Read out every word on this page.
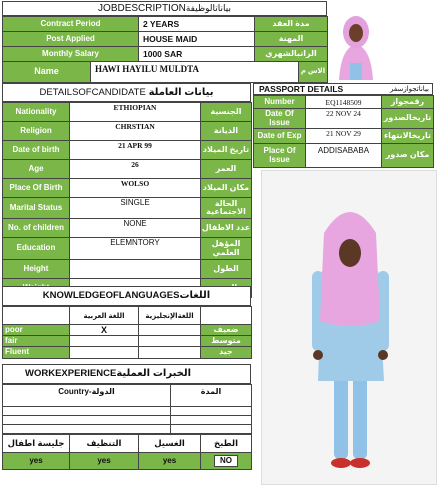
JOBDESCRIPTIONبياناتالوظيفة
Contract Period	2 YEARS	مدة العقد
Post Applied	HOUSE MAID	المهنة
Monthly Salary	1000 SAR	الراتبالشهري
Name	HAWI HAYILU MULDTA	الاس م
PASSPORT DETAILS	بياناتجوازسفر
Number	EQ1148509	رقمجواز
Date Of Issue	22 NOV 24	تاريخالصدور
Date of Exp	21 NOV 29	تاريخالانتهاء
Place Of Issue	ADDISABABA	مكان صدور
DETAILSOFCANDIDATE بيانات العاملة
Nationality	ETHIOPIAN	الجنسية
Religion	CHRSTIAN	الديانة
Date of birth	21 APR 99	تاريخ الميلاد
Age	26	العمر
Place Of Birth	WOLSO	مكان الميلاد
Marital Status	SINGLE	الحالة الاجتماعية
No. of children	NONE	عدد الاطفال
Education	ELEMNTORY	المؤهل العلمي
Height		الطول

KNOWLEDGEOFLANGUAGESاللغات
	اللغة العربية	اللغةالإنجليزية	
poor	X		ضعيف
fair			متوسط
Fluent			جيد
WORKEXPERIENCEالخبرات العملية
الدولة-Country	المدة

جليسة اطفال	التنظيف	الغسيل	الطبخ
yes	yes	yes	NO
